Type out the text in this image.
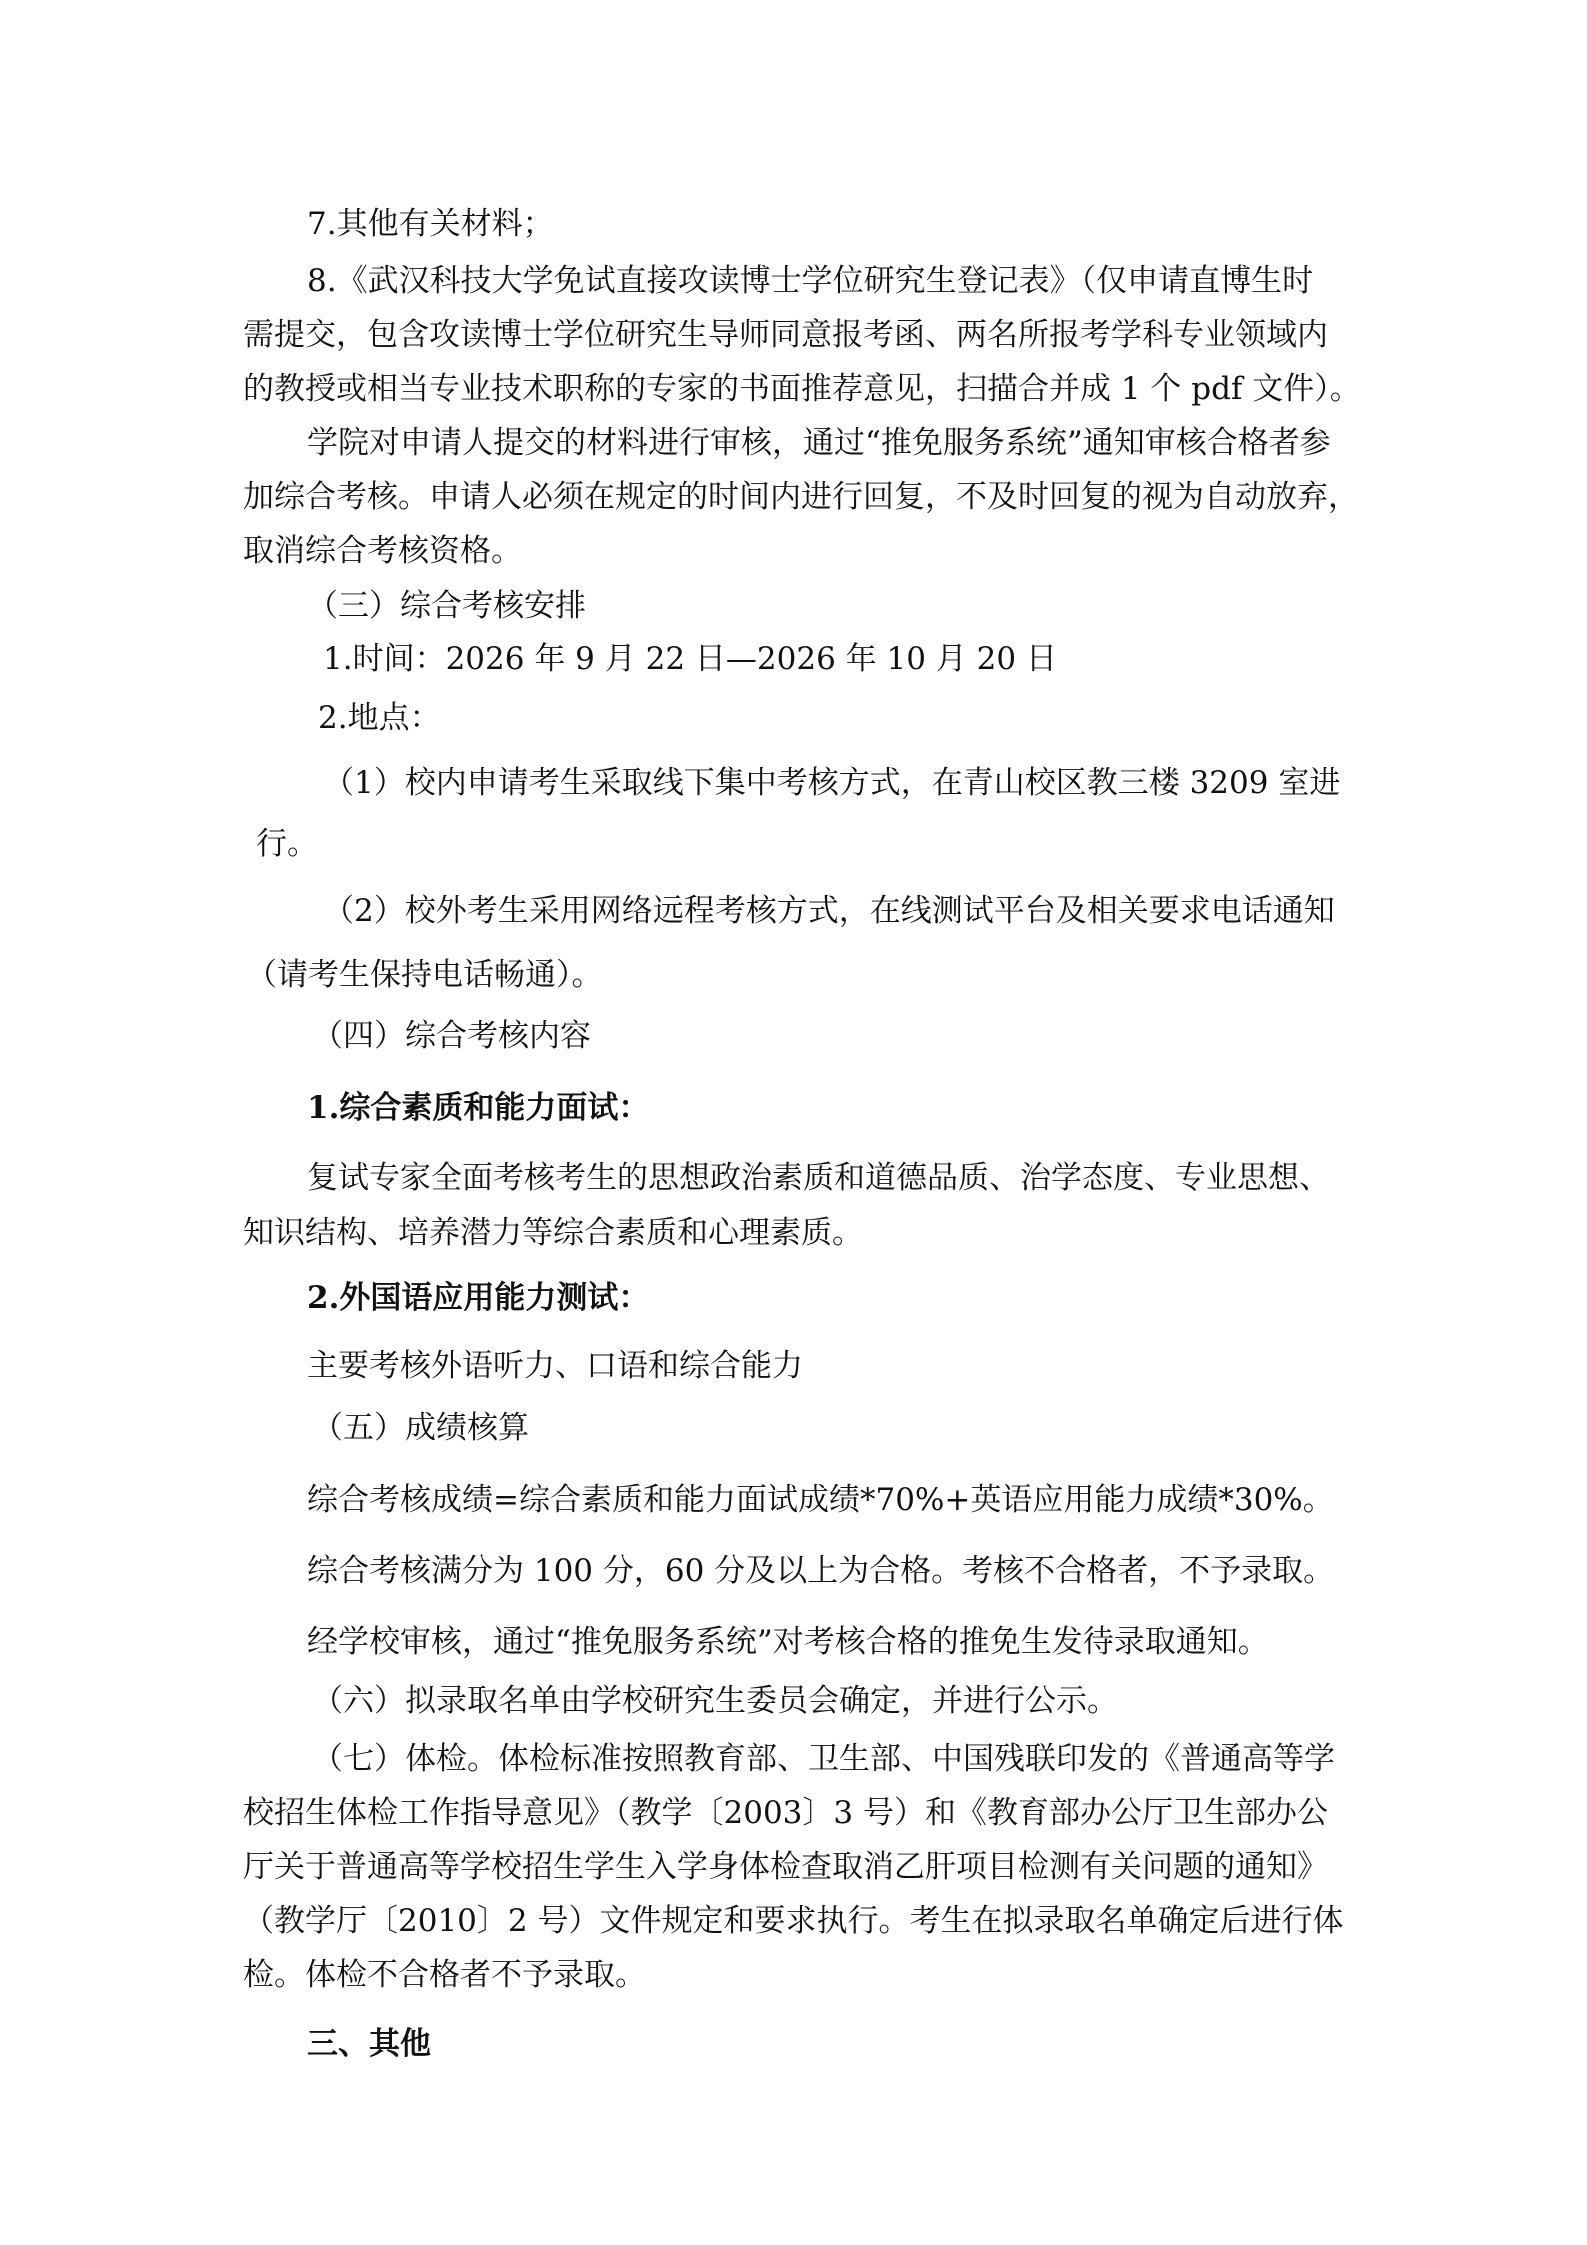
7.其他有关材料；
8.《武汉科技大学免试直接攻读博士学位研究生登记表》（仅申请直博生时
需提交，包含攻读博士学位研究生导师同意报考函、两名所报考学科专业领域内
的教授或相当专业技术职称的专家的书面推荐意见，扫描合并成 1 个 pdf 文件）。
学院对申请人提交的材料进行审核，通过“推免服务系统”通知审核合格者参
加综合考核。申请人必须在规定的时间内进行回复，不及时回复的视为自动放弃，
取消综合考核资格。
（三）综合考核安排
1.时间：2026 年 9 月 22 日—2026 年 10 月 20 日
2.地点：
（1）校内申请考生采取线下集中考核方式，在青山校区教三楼 3209 室进
行。
（2）校外考生采用网络远程考核方式，在线测试平台及相关要求电话通知
（请考生保持电话畅通）。
（四）综合考核内容
1.综合素质和能力面试：
复试专家全面考核考生的思想政治素质和道德品质、治学态度、专业思想、
知识结构、培养潜力等综合素质和心理素质。
2.外国语应用能力测试：
主要考核外语听力、口语和综合能力
（五）成绩核算
综合考核成绩=综合素质和能力面试成绩*70%+英语应用能力成绩*30%。
综合考核满分为 100 分，60 分及以上为合格。考核不合格者，不予录取。
经学校审核，通过“推免服务系统”对考核合格的推免生发待录取通知。
（六）拟录取名单由学校研究生委员会确定，并进行公示。
（七）体检。体检标准按照教育部、卫生部、中国残联印发的《普通高等学
校招生体检工作指导意见》（教学〔2003〕3 号）和《教育部办公厅卫生部办公
厅关于普通高等学校招生学生入学身体检查取消乙肝项目检测有关问题的通知》
（教学厅〔2010〕2 号）文件规定和要求执行。考生在拟录取名单确定后进行体
检。体检不合格者不予录取。
三、其他
